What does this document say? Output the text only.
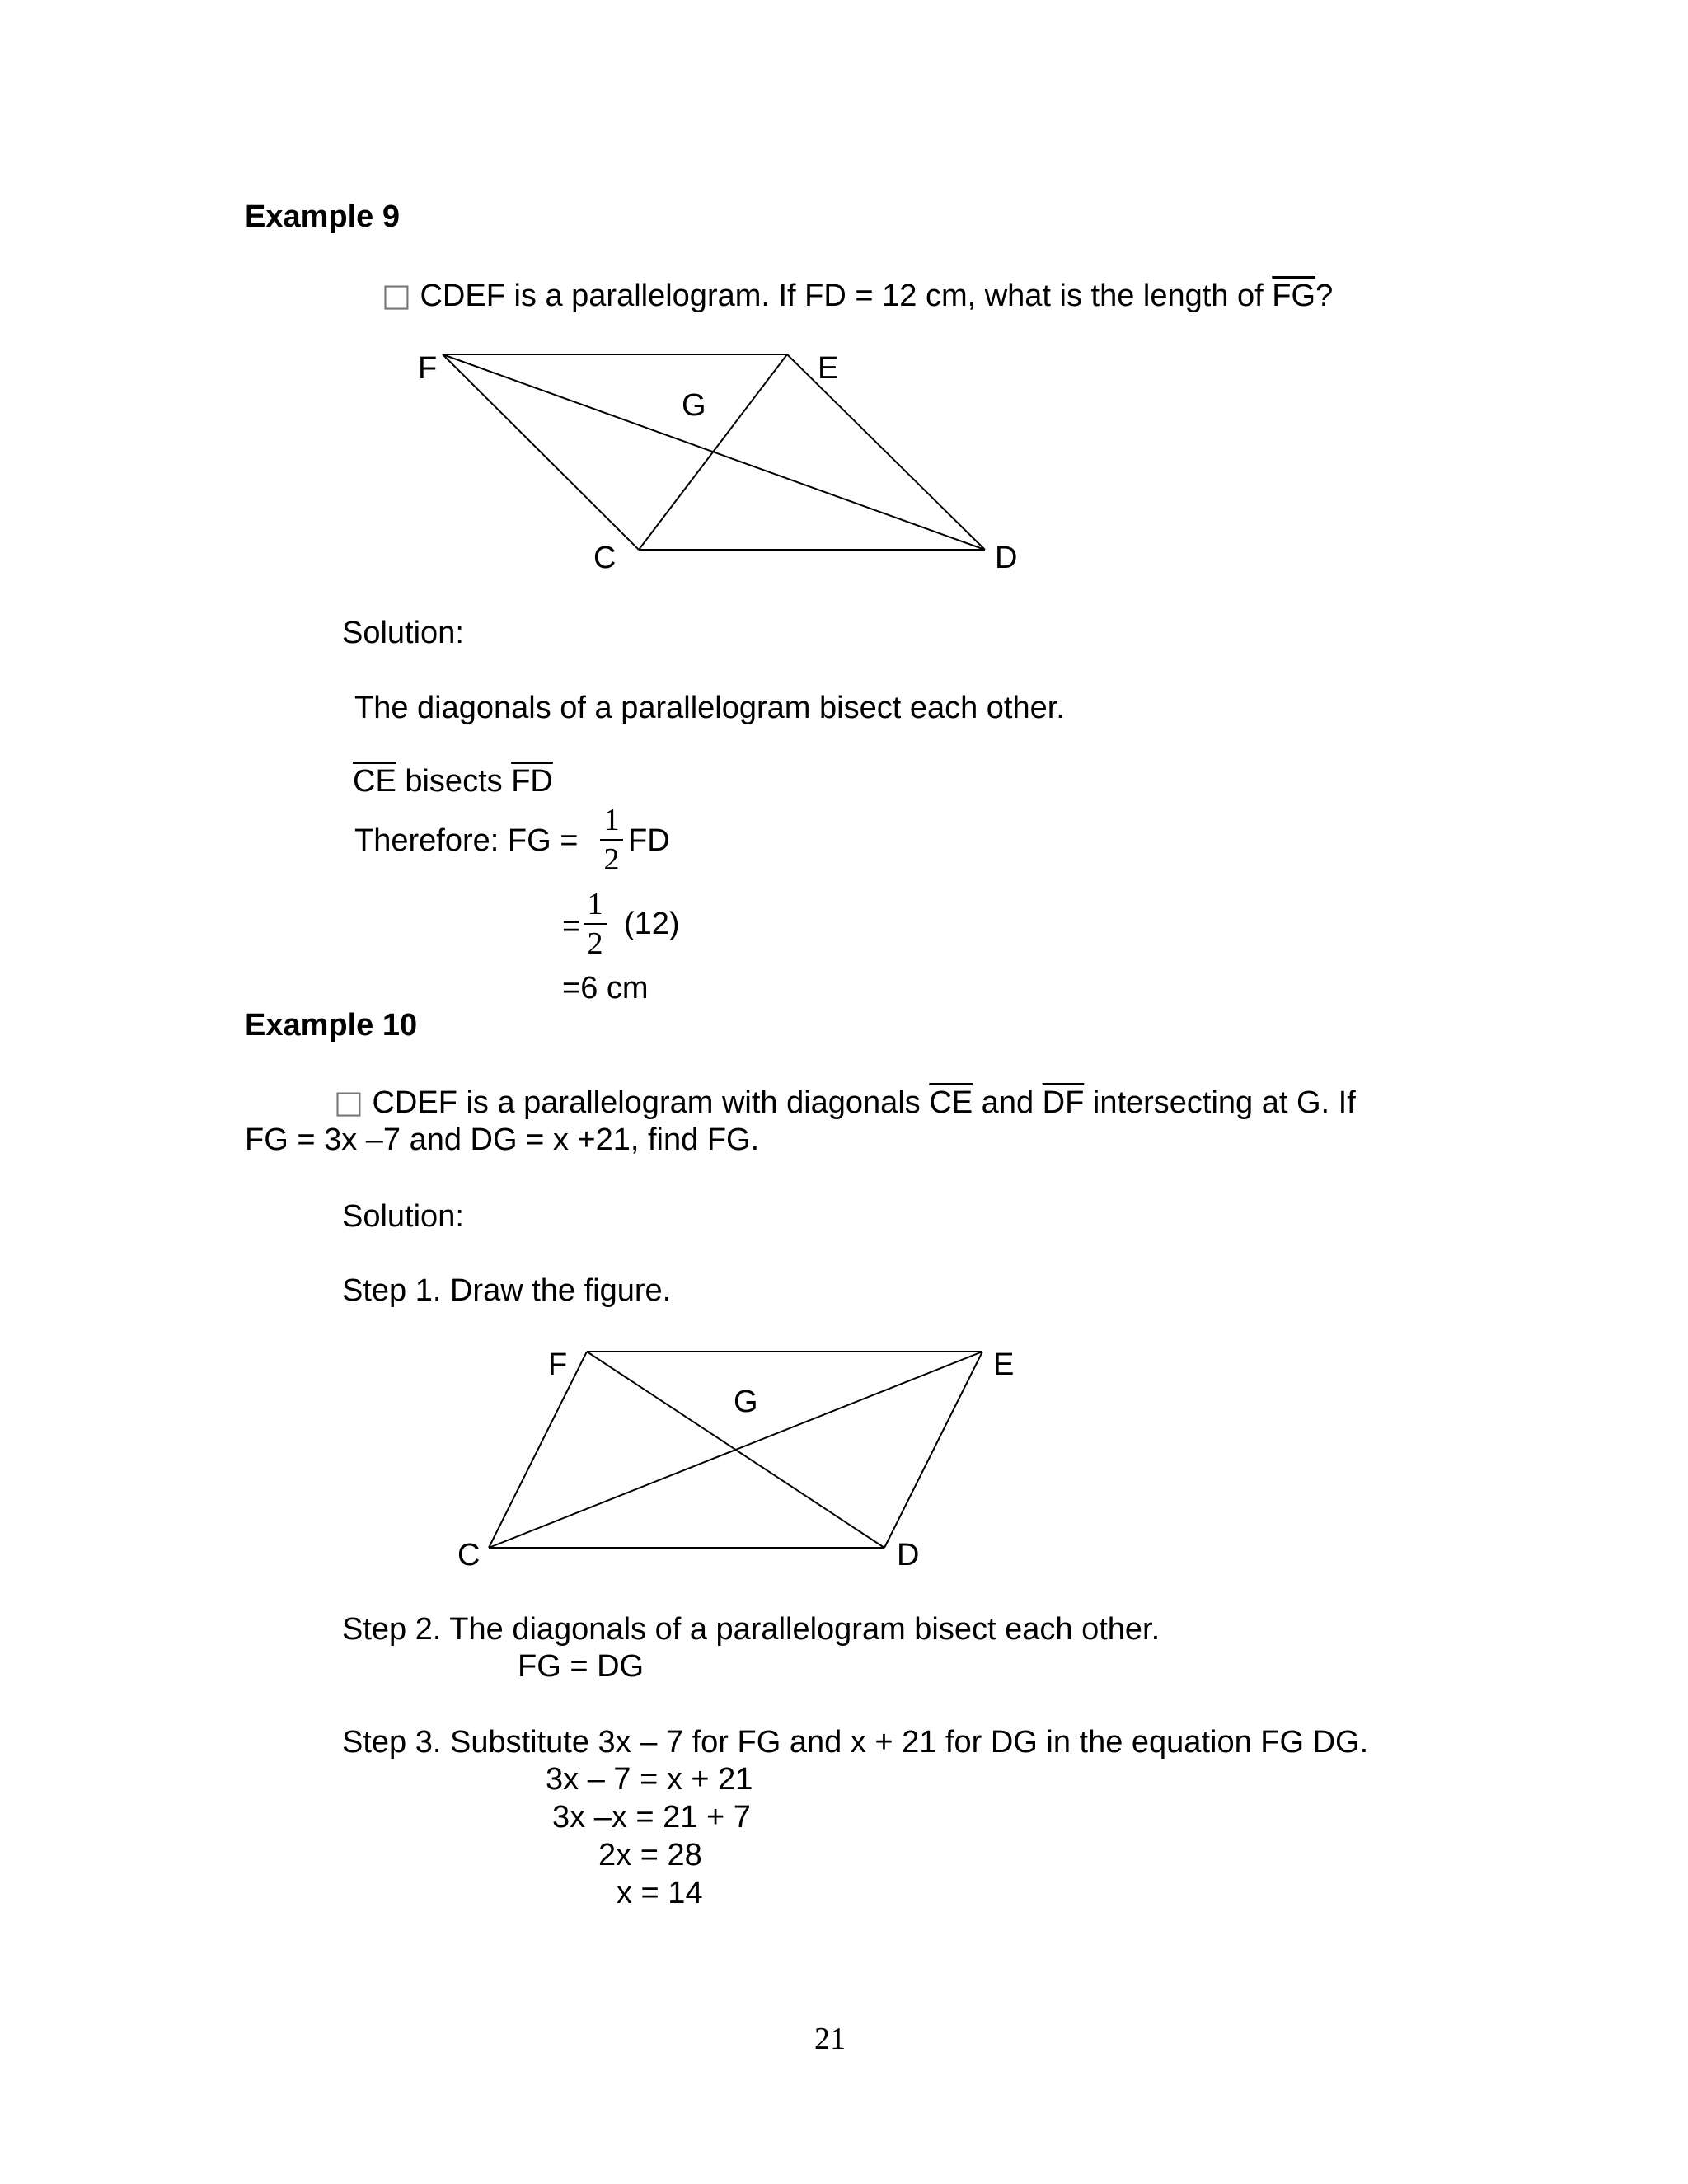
Example 9
□ CDEF is a parallelogram. If FD = 12 cm, what is the length of $\overline{FG}$?
F	E
G
C	D
Solution:
The diagonals of a parallelogram bisect each other.
$\overline{CE}$ bisects $\overline{FD}$
Therefore: FG =
1
2
FD
=
1
2
(12)
=6 cm
Example 10
□ CDEF is a parallelogram with diagonals $\overline{CE}$ and $\overline{DF}$ intersecting at G. If
FG = 3x –7 and DG = x +21, find FG.
Solution:
Step 1. Draw the figure.
F	E
G
C	D
Step 2. The diagonals of a parallelogram bisect each other.
FG = DG
Step 3. Substitute 3x – 7 for FG and x + 21 for DG in the equation FG DG.
3x – 7 = x + 21
3x –x = 21 + 7
2x = 28
x = 14
21
